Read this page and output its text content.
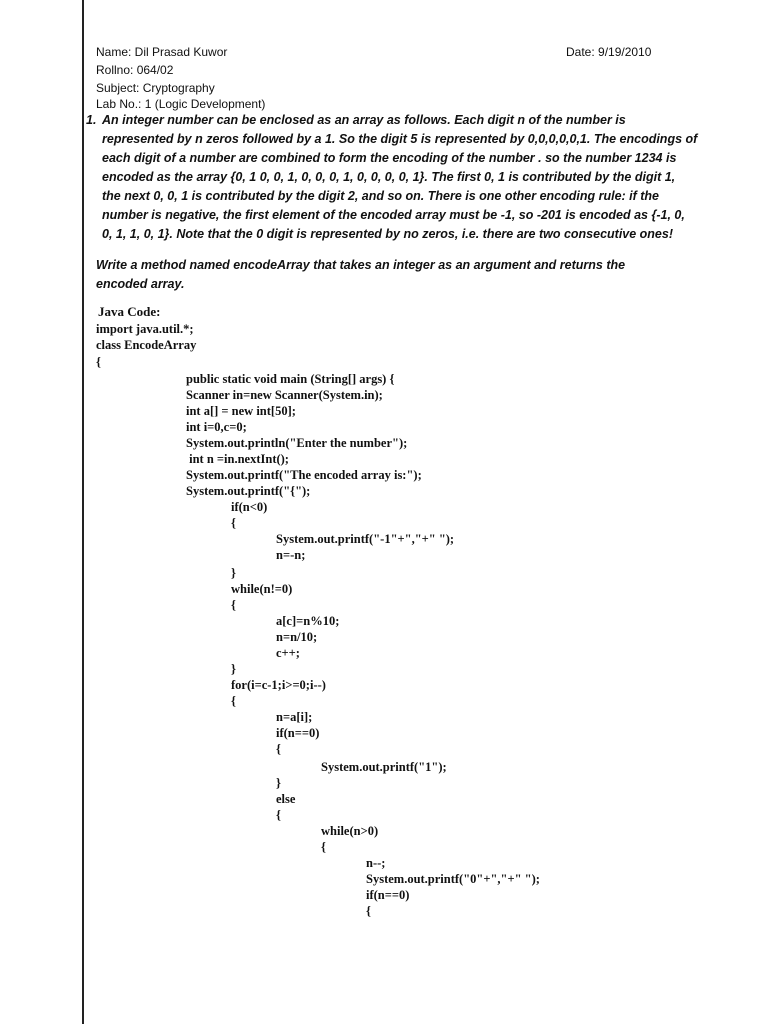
Name: Dil Prasad Kuwor	Date: 9/19/2010
Rollno: 064/02
Subject: Cryptography
Lab No.: 1 (Logic Development)
1. An integer number can be enclosed as an array as follows. Each digit n of the number is
represented by n zeros followed by a 1. So the digit 5 is represented by 0,0,0,0,0,1. The encodings of
each digit of a number are combined to form the encoding of the number . so the number 1234 is
encoded as the array {0, 1 0, 0, 1, 0, 0, 0, 1, 0, 0, 0, 0, 1}. The first 0, 1 is contributed by the digit 1,
the next 0, 0, 1 is contributed by the digit 2, and so on. There is one other encoding rule: if the
number is negative, the first element of the encoded array must be -1, so -201 is encoded as {-1, 0,
0, 1, 1, 0, 1}. Note that the 0 digit is represented by no zeros, i.e. there are two consecutive ones!
Write a method named encodeArray that takes an integer as an argument and returns the
encoded array.
Java Code:

import java.util.*;

class EncodeArray

{

public static void main (String[] args) {

Scanner in=new Scanner(System.in);

int a[] = new int[50];

int i=0,c=0;

System.out.println("Enter the number");

int n =in.nextInt();

System.out.printf("The encoded array is:");

System.out.printf("{");

if(n<0)

{

System.out.printf("-1"+","+" ");

n=-n;

}

while(n!=0)

{

a[c]=n%10;

n=n/10;

c++;

}

for(i=c-1;i>=0;i--)

{

n=a[i];

if(n==0)

{

System.out.printf("1");

}

else

{

while(n>0)

{

n--;

System.out.printf("0"+","+" ");

if(n==0)

{
